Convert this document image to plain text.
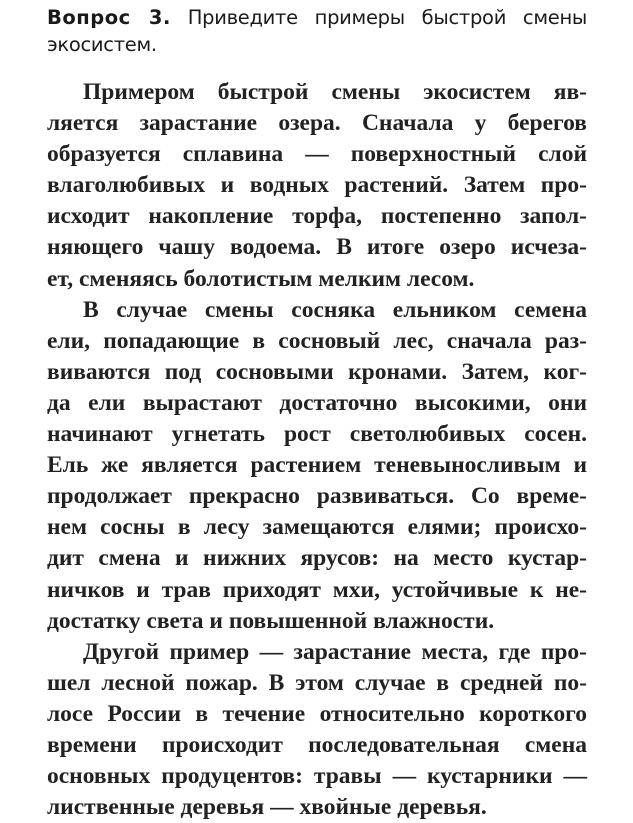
Вопрос 3. Приведите примеры быстрой смены
экосистем.
Примером быстрой смены экосистем яв-
ляется зарастание озера. Сначала у берегов
образуется сплавина — поверхностный слой
влаголюбивых и водных растений. Затем про-
исходит накопление торфа, постепенно запол-
няющего чашу водоема. В итоге озеро исчеза-
ет, сменяясь болотистым мелким лесом.
В случае смены сосняка ельником семена
ели, попадающие в сосновый лес, сначала раз-
виваются под сосновыми кронами. Затем, ког-
да ели вырастают достаточно высокими, они
начинают угнетать рост светолюбивых сосен.
Ель же является растением теневыносливым и
продолжает прекрасно развиваться. Со време-
нем сосны в лесу замещаются елями; происхо-
дит смена и нижних ярусов: на место кустар-
ничков и трав приходят мхи, устойчивые к не-
достатку света и повышенной влажности.
Другой пример — зарастание места, где про-
шел лесной пожар. В этом случае в средней по-
лосе России в течение относительно короткого
времени происходит последовательная смена
основных продуцентов: травы — кустарники —
лиственные деревья — хвойные деревья.
